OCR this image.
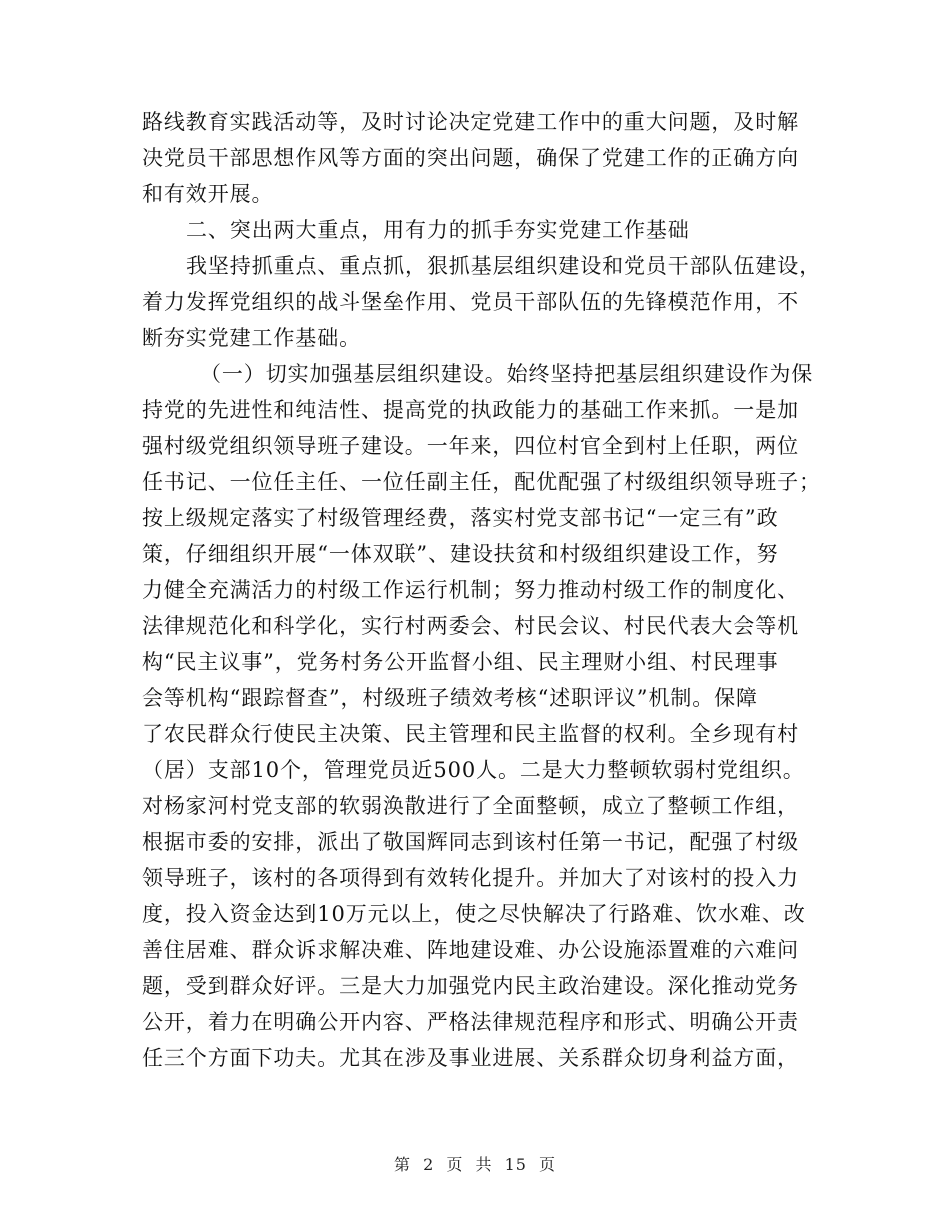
路线教育实践活动等，及时讨论决定党建工作中的重大问题，及时解
决党员干部思想作风等方面的突出问题，确保了党建工作的正确方向
和有效开展。
二、突出两大重点，用有力的抓手夯实党建工作基础
我坚持抓重点、重点抓，狠抓基层组织建设和党员干部队伍建设，
着力发挥党组织的战斗堡垒作用、党员干部队伍的先锋模范作用，不
断夯实党建工作基础。
（一）切实加强基层组织建设。始终坚持把基层组织建设作为保
持党的先进性和纯洁性、提高党的执政能力的基础工作来抓。一是加
强村级党组织领导班子建设。一年来，四位村官全到村上任职，两位
任书记、一位任主任、一位任副主任，配优配强了村级组织领导班子；
按上级规定落实了村级管理经费，落实村党支部书记“一定三有”政
策，仔细组织开展“一体双联”、建设扶贫和村级组织建设工作，努
力健全充满活力的村级工作运行机制；努力推动村级工作的制度化、
法律规范化和科学化，实行村两委会、村民会议、村民代表大会等机
构“民主议事”，党务村务公开监督小组、民主理财小组、村民理事
会等机构“跟踪督查”，村级班子绩效考核“述职评议”机制。保障
了农民群众行使民主决策、民主管理和民主监督的权利。全乡现有村
（居）支部10个，管理党员近500人。二是大力整顿软弱村党组织。
对杨家河村党支部的软弱涣散进行了全面整顿，成立了整顿工作组，
根据市委的安排，派出了敬国辉同志到该村任第一书记，配强了村级
领导班子，该村的各项得到有效转化提升。并加大了对该村的投入力
度，投入资金达到10万元以上，使之尽快解决了行路难、饮水难、改
善住居难、群众诉求解决难、阵地建设难、办公设施添置难的六难问
题，受到群众好评。三是大力加强党内民主政治建设。深化推动党务
公开，着力在明确公开内容、严格法律规范程序和形式、明确公开责
任三个方面下功夫。尤其在涉及事业进展、关系群众切身利益方面，
第 2 页 共 15 页
